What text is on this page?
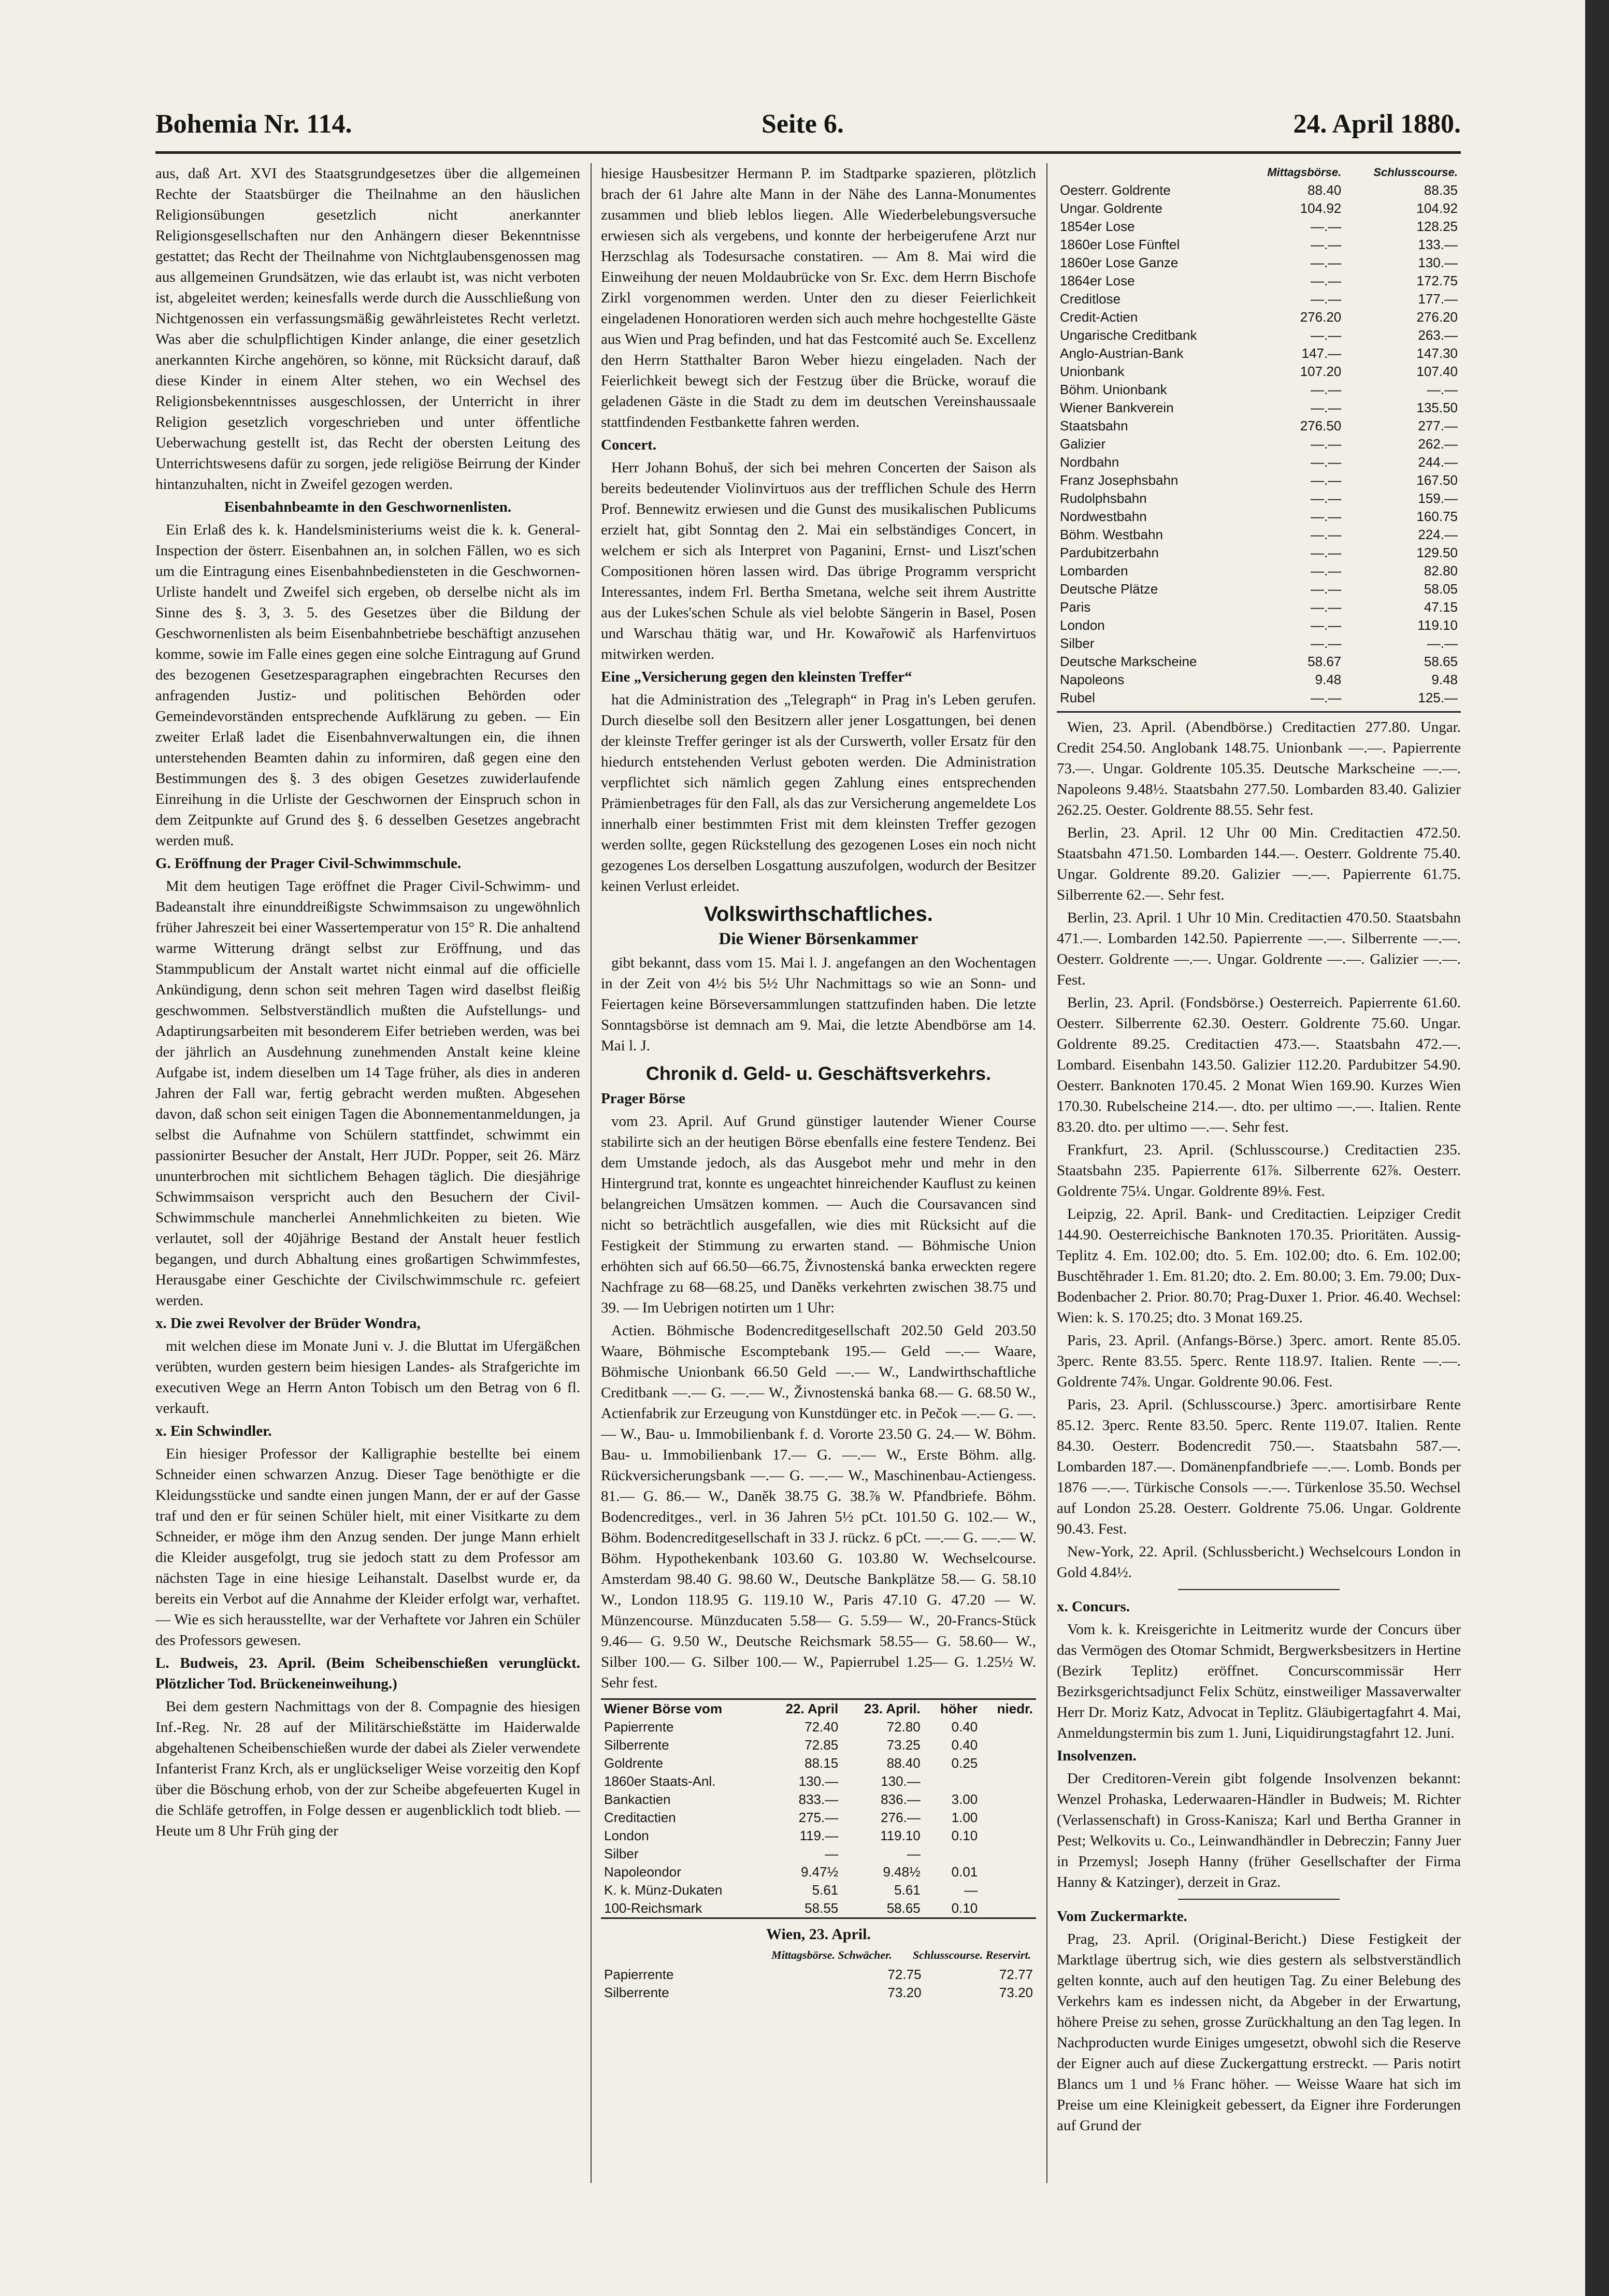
Bohemia Nr. 114.	Seite 6.	24. April 1880.

aus, daß Art. XVI des Staatsgrundgesetzes über die allgemeinen Rechte der Staatsbürger die Theilnahme an den häuslichen Religionsübungen gesetzlich nicht anerkannter Religionsgesellschaften nur den Anhängern dieser Bekenntnisse gestattet; das Recht der Theilnahme von Nichtglaubensgenossen mag aus allgemeinen Grundsätzen, wie das erlaubt ist, was nicht verboten ist, abgeleitet werden; keinesfalls werde durch die Ausschließung von Nichtgenossen ein verfassungsmäßig gewährleistetes Recht verletzt. Was aber die schulpflichtigen Kinder anlange, die einer gesetzlich anerkannten Kirche angehören, so könne, mit Rücksicht darauf, daß diese Kinder in einem Alter stehen, wo ein Wechsel des Religionsbekenntnisses ausgeschlossen, der Unterricht in ihrer Religion gesetzlich vorgeschrieben und unter öffentliche Ueberwachung gestellt ist, das Recht der obersten Leitung des Unterrichtswesens dafür zu sorgen, jede religiöse Beirrung der Kinder hintanzuhalten, nicht in Zweifel gezogen werden.

Eisenbahnbeamte in den Geschwornenlisten.

Ein Erlaß des k. k. Handelsministeriums weist die k. k. General-Inspection der österr. Eisenbahnen an, in solchen Fällen, wo es sich um die Eintragung eines Eisenbahnbediensteten in die Geschwornen-Urliste handelt und Zweifel sich ergeben, ob derselbe nicht als im Sinne des §. 3, 3. 5. des Gesetzes über die Bildung der Geschwornenlisten als beim Eisenbahnbetriebe beschäftigt anzusehen komme, sowie im Falle eines gegen eine solche Eintragung auf Grund des bezogenen Gesetzesparagraphen eingebrachten Recurses den anfragenden Justiz- und politischen Behörden oder Gemeindevorständen entsprechende Aufklärung zu geben. — Ein zweiter Erlaß ladet die Eisenbahnverwaltungen ein, die ihnen unterstehenden Beamten dahin zu informiren, daß gegen eine den Bestimmungen des §. 3 des obigen Gesetzes zuwiderlaufende Einreihung in die Urliste der Geschwornen der Einspruch schon in dem Zeitpunkte auf Grund des §. 6 desselben Gesetzes angebracht werden muß.

G. Eröffnung der Prager Civil-Schwimmschule.

Mit dem heutigen Tage eröffnet die Prager Civil-Schwimm- und Badeanstalt ihre einunddreißigste Schwimmsaison zu ungewöhnlich früher Jahreszeit bei einer Wassertemperatur von 15° R. Die anhaltend warme Witterung drängt selbst zur Eröffnung, und das Stammpublicum der Anstalt wartet nicht einmal auf die officielle Ankündigung, denn schon seit mehren Tagen wird daselbst fleißig geschwommen. Selbstverständlich mußten die Aufstellungs- und Adaptirungsarbeiten mit besonderem Eifer betrieben werden, was bei der jährlich an Ausdehnung zunehmenden Anstalt keine kleine Aufgabe ist, indem dieselben um 14 Tage früher, als dies in anderen Jahren der Fall war, fertig gebracht werden mußten. Abgesehen davon, daß schon seit einigen Tagen die Abonnementanmeldungen, ja selbst die Aufnahme von Schülern stattfindet, schwimmt ein passionirter Besucher der Anstalt, Herr JUDr. Popper, seit 26. März ununterbrochen mit sichtlichem Behagen täglich. Die diesjährige Schwimmsaison verspricht auch den Besuchern der Civil-Schwimmschule mancherlei Annehmlichkeiten zu bieten. Wie verlautet, soll der 40jährige Bestand der Anstalt heuer festlich begangen, und durch Abhaltung eines großartigen Schwimmfestes, Herausgabe einer Geschichte der Civilschwimmschule rc. gefeiert werden.

x. Die zwei Revolver der Brüder Wondra,

mit welchen diese im Monate Juni v. J. die Bluttat im Ufergäßchen verübten, wurden gestern beim hiesigen Landes- als Strafgerichte im executiven Wege an Herrn Anton Tobisch um den Betrag von 6 fl. verkauft.

x. Ein Schwindler.

Ein hiesiger Professor der Kalligraphie bestellte bei einem Schneider einen schwarzen Anzug. Dieser Tage benöthigte er die Kleidungsstücke und sandte einen jungen Mann, der er auf der Gasse traf und den er für seinen Schüler hielt, mit einer Visitkarte zu dem Schneider, er möge ihm den Anzug senden. Der junge Mann erhielt die Kleider ausgefolgt, trug sie jedoch statt zu dem Professor am nächsten Tage in eine hiesige Leihanstalt. Daselbst wurde er, da bereits ein Verbot auf die Annahme der Kleider erfolgt war, verhaftet. — Wie es sich herausstellte, war der Verhaftete vor Jahren ein Schüler des Professors gewesen.

L. Budweis, 23. April. (Beim Scheibenschießen verunglückt. Plötzlicher Tod. Brückeneinweihung.)

Bei dem gestern Nachmittags von der 8. Compagnie des hiesigen Inf.-Reg. Nr. 28 auf der Militärschießstätte im Haiderwalde abgehaltenen Scheibenschießen wurde der dabei als Zieler verwendete Infanterist Franz Krch, als er unglückseliger Weise vorzeitig den Kopf über die Böschung erhob, von der zur Scheibe abgefeuerten Kugel in die Schläfe getroffen, in Folge dessen er augenblicklich todt blieb. — Heute um 8 Uhr Früh ging der

hiesige Hausbesitzer Hermann P. im Stadtparke spazieren, plötzlich brach der 61 Jahre alte Mann in der Nähe des Lanna-Monumentes zusammen und blieb leblos liegen. Alle Wiederbelebungsversuche erwiesen sich als vergebens, und konnte der herbeigerufene Arzt nur Herzschlag als Todesursache constatiren. — Am 8. Mai wird die Einweihung der neuen Moldaubrücke von Sr. Exc. dem Herrn Bischofe Zirkl vorgenommen werden. Unter den zu dieser Feierlichkeit eingeladenen Honoratioren werden sich auch mehre hochgestellte Gäste aus Wien und Prag befinden, und hat das Festcomité auch Se. Excellenz den Herrn Statthalter Baron Weber hiezu eingeladen. Nach der Feierlichkeit bewegt sich der Festzug über die Brücke, worauf die geladenen Gäste in die Stadt zu dem im deutschen Vereinshaussaale stattfindenden Festbankette fahren werden.

Concert.

Herr Johann Bohuš, der sich bei mehren Concerten der Saison als bereits bedeutender Violinvirtuos aus der trefflichen Schule des Herrn Prof. Bennewitz erwiesen und die Gunst des musikalischen Publicums erzielt hat, gibt Sonntag den 2. Mai ein selbständiges Concert, in welchem er sich als Interpret von Paganini, Ernst- und Liszt'schen Compositionen hören lassen wird. Das übrige Programm verspricht Interessantes, indem Frl. Bertha Smetana, welche seit ihrem Austritte aus der Lukes'schen Schule als viel belobte Sängerin in Basel, Posen und Warschau thätig war, und Hr. Kowařowič als Harfenvirtuos mitwirken werden.

Eine „Versicherung gegen den kleinsten Treffer“

hat die Administration des „Telegraph“ in Prag in's Leben gerufen. Durch dieselbe soll den Besitzern aller jener Losgattungen, bei denen der kleinste Treffer geringer ist als der Curswerth, voller Ersatz für den hiedurch entstehenden Verlust geboten werden. Die Administration verpflichtet sich nämlich gegen Zahlung eines entsprechenden Prämienbetrages für den Fall, als das zur Versicherung angemeldete Los innerhalb einer bestimmten Frist mit dem kleinsten Treffer gezogen werden sollte, gegen Rückstellung des gezogenen Loses ein noch nicht gezogenes Los derselben Losgattung auszufolgen, wodurch der Besitzer keinen Verlust erleidet.

Volkswirthschaftliches.
Die Wiener Börsenkammer

gibt bekannt, dass vom 15. Mai l. J. angefangen an den Wochentagen in der Zeit von 4½ bis 5½ Uhr Nachmittags so wie an Sonn- und Feiertagen keine Börseversammlungen stattzufinden haben. Die letzte Sonntagsbörse ist demnach am 9. Mai, die letzte Abendbörse am 14. Mai l. J.

Chronik d. Geld- u. Geschäftsverkehrs.

Prager Börse

vom 23. April. Auf Grund günstiger lautender Wiener Course stabilirte sich an der heutigen Börse ebenfalls eine festere Tendenz. Bei dem Umstande jedoch, als das Ausgebot mehr und mehr in den Hintergrund trat, konnte es ungeachtet hinreichender Kauflust zu keinen belangreichen Umsätzen kommen. — Auch die Coursavancen sind nicht so beträchtlich ausgefallen, wie dies mit Rücksicht auf die Festigkeit der Stimmung zu erwarten stand. — Böhmische Union erhöhten sich auf 66.50—66.75, Živnostenská banka erweckten regere Nachfrage zu 68—68.25, und Danĕks verkehrten zwischen 38.75 und 39. — Im Uebrigen notirten um 1 Uhr:

Actien. Böhmische Bodencreditgesellschaft 202.50 Geld 203.50 Waare, Böhmische Escomptebank 195.— Geld —.— Waare, Böhmische Unionbank 66.50 Geld —.— W., Landwirthschaftliche Creditbank —.— G. —.— W., Živnostenská banka 68.— G. 68.50 W., Actienfabrik zur Erzeugung von Kunstdünger etc. in Pečok —.— G. —.— W., Bau- u. Immobilienbank f. d. Vororte 23.50 G. 24.— W. Böhm. Bau- u. Immobilienbank 17.— G. —.— W., Erste Böhm. allg. Rückversicherungsbank —.— G. —.— W., Maschinenbau-Actiengess. 81.— G. 86.— W., Daněk 38.75 G. 38.⅞ W. Pfandbriefe. Böhm. Bodencreditges., verl. in 36 Jahren 5½ pCt. 101.50 G. 102.— W., Böhm. Bodencreditgesellschaft in 33 J. rückz. 6 pCt. —.— G. —.— W. Böhm. Hypothekenbank 103.60 G. 103.80 W. Wechselcourse. Amsterdam 98.40 G. 98.60 W., Deutsche Bankplätze 58.— G. 58.10 W., London 118.95 G. 119.10 W., Paris 47.10 G. 47.20 — W. Münzencourse. Münzducaten 5.58— G. 5.59— W., 20-Francs-Stück 9.46— G. 9.50 W., Deutsche Reichsmark 58.55— G. 58.60— W., Silber 100.— G. Silber 100.— W., Papierrubel 1.25— G. 1.25½ W. Sehr fest.

Wiener Börse vom	22. April	23. April.	höher	niedr.
Papierrente	72.40	72.80	0.40	
Silberrente	72.85	73.25	0.40	
Goldrente	88.15	88.40	0.25	
1860er Staats-Anl.	130.—	130.—		
Bankactien	833.—	836.—	3.00	
Creditactien	275.—	276.—	1.00	
London	119.—	119.10	0.10	
Silber	—	—		
Napoleondor	9.47½	9.48½	0.01	
K. k. Münz-Dukaten	5.61	5.61	—	
100-Reichsmark	58.55	58.65	0.10	
Wien, 23. April.
Mittagsbörse. Schwächer. Schlusscourse. Reservirt.
Papierrente	72.75	72.77
Silberrente	73.20	73.20
	Mittagsbörse.	Schlusscourse.
Oesterr. Goldrente	88.40	88.35
Ungar. Goldrente	104.92	104.92
1854er Lose	—.—	128.25
1860er Lose Fünftel	—.—	133.—
1860er Lose Ganze	—.—	130.—
1864er Lose	—.—	172.75
Creditlose	—.—	177.—
Credit-Actien	276.20	276.20
Ungarische Creditbank	—.—	263.—
Anglo-Austrian-Bank	147.—	147.30
Unionbank	107.20	107.40
Böhm. Unionbank	—.—	—.—
Wiener Bankverein	—.—	135.50
Staatsbahn	276.50	277.—
Galizier	—.—	262.—
Nordbahn	—.—	244.—
Franz Josephsbahn	—.—	167.50
Rudolphsbahn	—.—	159.—
Nordwestbahn	—.—	160.75
Böhm. Westbahn	—.—	224.—
Pardubitzerbahn	—.—	129.50
Lombarden	—.—	82.80
Deutsche Plätze	—.—	58.05
Paris	—.—	47.15
London	—.—	119.10
Silber	—.—	—.—
Deutsche Markscheine	58.67	58.65
Napoleons	9.48	9.48
Rubel	—.—	125.—

Wien, 23. April. (Abendbörse.) Creditactien 277.80. Ungar. Credit 254.50. Anglobank 148.75. Unionbank —.—. Papierrente 73.—. Ungar. Goldrente 105.35. Deutsche Markscheine —.—. Napoleons 9.48½. Staatsbahn 277.50. Lombarden 83.40. Galizier 262.25. Oester. Goldrente 88.55. Sehr fest.

Berlin, 23. April. 12 Uhr 00 Min. Creditactien 472.50. Staatsbahn 471.50. Lombarden 144.—. Oesterr. Goldrente 75.40. Ungar. Goldrente 89.20. Galizier —.—. Papierrente 61.75. Silberrente 62.—. Sehr fest.

Berlin, 23. April. 1 Uhr 10 Min. Creditactien 470.50. Staatsbahn 471.—. Lombarden 142.50. Papierrente —.—. Silberrente —.—. Oesterr. Goldrente —.—. Ungar. Goldrente —.—. Galizier —.—. Fest.

Berlin, 23. April. (Fondsbörse.) Oesterreich. Papierrente 61.60. Oesterr. Silberrente 62.30. Oesterr. Goldrente 75.60. Ungar. Goldrente 89.25. Creditactien 473.—. Staatsbahn 472.—. Lombard. Eisenbahn 143.50. Galizier 112.20. Pardubitzer 54.90. Oesterr. Banknoten 170.45. 2 Monat Wien 169.90. Kurzes Wien 170.30. Rubelscheine 214.—. dto. per ultimo —.—. Italien. Rente 83.20. dto. per ultimo —.—. Sehr fest.

Frankfurt, 23. April. (Schlusscourse.) Creditactien 235. Staatsbahn 235. Papierrente 61⅞. Silberrente 62⅞. Oesterr. Goldrente 75¼. Ungar. Goldrente 89⅛. Fest.

Leipzig, 22. April. Bank- und Creditactien. Leipziger Credit 144.90. Oesterreichische Banknoten 170.35. Prioritäten. Aussig-Teplitz 4. Em. 102.00; dto. 5. Em. 102.00; dto. 6. Em. 102.00; Buschtěhrader 1. Em. 81.20; dto. 2. Em. 80.00; 3. Em. 79.00; Dux-Bodenbacher 2. Prior. 80.70; Prag-Duxer 1. Prior. 46.40. Wechsel: Wien: k. S. 170.25; dto. 3 Monat 169.25.

Paris, 23. April. (Anfangs-Börse.) 3perc. amort. Rente 85.05. 3perc. Rente 83.55. 5perc. Rente 118.97. Italien. Rente —.—. Goldrente 74⅞. Ungar. Goldrente 90.06. Fest.

Paris, 23. April. (Schlusscourse.) 3perc. amortisirbare Rente 85.12. 3perc. Rente 83.50. 5perc. Rente 119.07. Italien. Rente 84.30. Oesterr. Bodencredit 750.—. Staatsbahn 587.—. Lombarden 187.—. Domänenpfandbriefe —.—. Lomb. Bonds per 1876 —.—. Türkische Consols —.—. Türkenlose 35.50. Wechsel auf London 25.28. Oesterr. Goldrente 75.06. Ungar. Goldrente 90.43. Fest.

New-York, 22. April. (Schlussbericht.) Wechselcours London in Gold 4.84½.

x. Concurs.

Vom k. k. Kreisgerichte in Leitmeritz wurde der Concurs über das Vermögen des Otomar Schmidt, Bergwerksbesitzers in Hertine (Bezirk Teplitz) eröffnet. Concurscommissär Herr Bezirksgerichtsadjunct Felix Schütz, einstweiliger Massaverwalter Herr Dr. Moriz Katz, Advocat in Teplitz. Gläubigertagfahrt 4. Mai, Anmeldungstermin bis zum 1. Juni, Liquidirungstagfahrt 12. Juni.

Insolvenzen.

Der Creditoren-Verein gibt folgende Insolvenzen bekannt: Wenzel Prohaska, Lederwaaren-Händler in Budweis; M. Richter (Verlassenschaft) in Gross-Kanisza; Karl und Bertha Granner in Pest; Welkovits u. Co., Leinwandhändler in Debreczin; Fanny Juer in Przemysl; Joseph Hanny (früher Gesellschafter der Firma Hanny & Katzinger), derzeit in Graz.

Vom Zuckermarkte.

Prag, 23. April. (Original-Bericht.) Diese Festigkeit der Marktlage übertrug sich, wie dies gestern als selbstverständlich gelten konnte, auch auf den heutigen Tag. Zu einer Belebung des Verkehrs kam es indessen nicht, da Abgeber in der Erwartung, höhere Preise zu sehen, grosse Zurückhaltung an den Tag legen. In Nachproducten wurde Einiges umgesetzt, obwohl sich die Reserve der Eigner auch auf diese Zuckergattung erstreckt. — Paris notirt Blancs um 1 und ⅛ Franc höher. — Weisse Waare hat sich im Preise um eine Kleinigkeit gebessert, da Eigner ihre Forderungen auf Grund der
